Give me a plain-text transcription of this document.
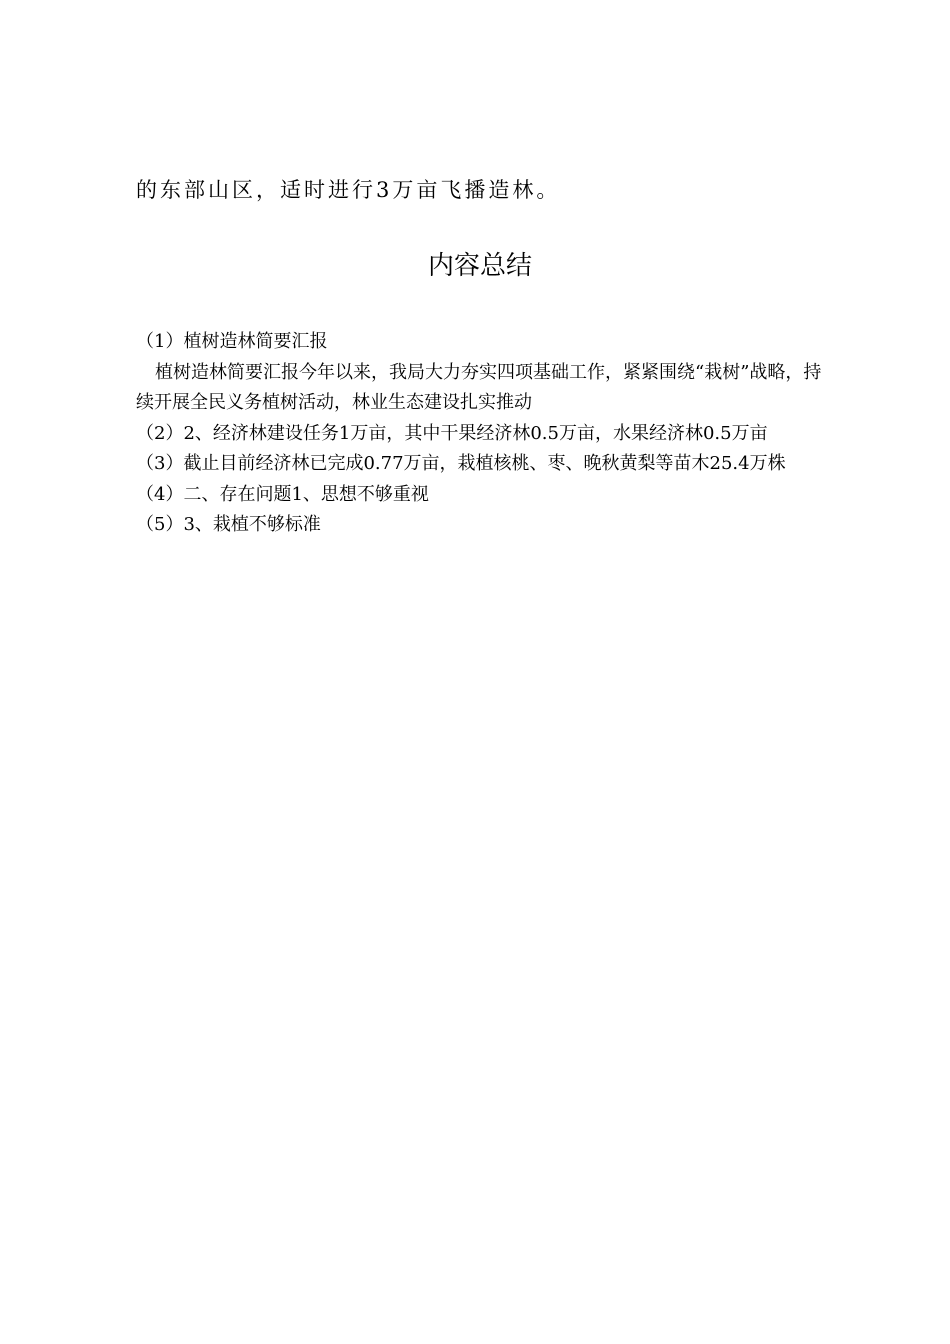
的东部山区，适时进行3万亩飞播造林。
内容总结

（1）植树造林简要汇报

植树造林简要汇报今年以来，我局大力夯实四项基础工作，紧紧围绕“栽树”战略，持续开展全民义务植树活动，林业生态建设扎实推动

（2）2、经济林建设任务1万亩，其中干果经济林0.5万亩，水果经济林0.5万亩

（3）截止目前经济林已完成0.77万亩，栽植核桃、枣、晚秋黄梨等苗木25.4万株

（4）二、存在问题1、思想不够重视

（5）3、栽植不够标准
